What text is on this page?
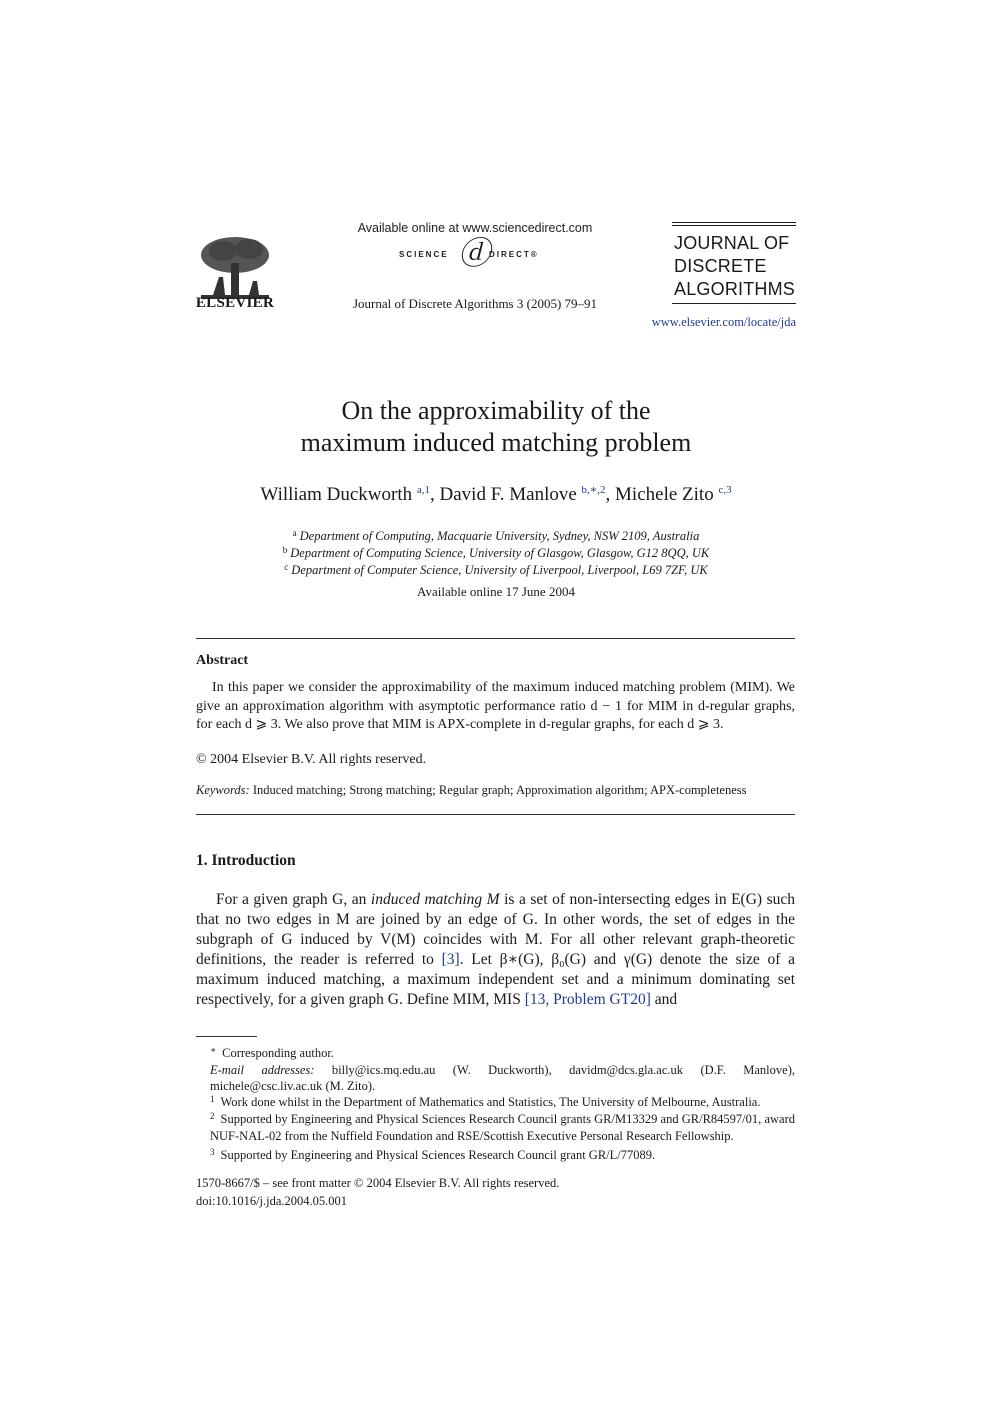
ELSEVIER
Available online at www.sciencedirect.com
SCIENCE ⓓ
DIRECT®
Journal of Discrete Algorithms 3 (2005) 79–91
JOURNAL OF
DISCRETE
ALGORITHMS
www.elsevier.com/locate/jda
On the approximability of the
maximum induced matching problem
William Duckworth $^{a,1}$, David F. Manlove $^{b,∗,2}$, Michele Zito $^{c,3}$
$^a$ Department of Computing, Macquarie University, Sydney, NSW 2109, Australia
$^b$ Department of Computing Science, University of Glasgow, Glasgow, G12 8QQ, UK
$^c$ Department of Computer Science, University of Liverpool, Liverpool, L69 7ZF, UK
Available online 17 June 2004
Abstract

In this paper we consider the approximability of the maximum induced matching problem (MIM). We give an approximation algorithm with asymptotic performance ratio d − 1 for MIM in d-regular graphs, for each d ⩾ 3. We also prove that MIM is APX-complete in d-regular graphs, for each d ⩾ 3.

© 2004 Elsevier B.V. All rights reserved.
Keywords: Induced matching; Strong matching; Regular graph; Approximation algorithm; APX-completeness
1. Introduction

For a given graph G, an induced matching M is a set of non-intersecting edges in E(G) such that no two edges in M are joined by an edge of G. In other words, the set of edges in the subgraph of G induced by V(M) coincides with M. For all other relevant graph-theoretic definitions, the reader is referred to [3]. Let β∗(G), β₀(G) and γ(G) denote the size of a maximum induced matching, a maximum independent set and a minimum dominating set respectively, for a given graph G. Define MIM, MIS [13, Problem GT20] and

∗ Corresponding author.
E-mail addresses: billy@ics.mq.edu.au (W. Duckworth), davidm@dcs.gla.ac.uk (D.F. Manlove), michele@csc.liv.ac.uk (M. Zito).
$^1$ Work done whilst in the Department of Mathematics and Statistics, The University of Melbourne, Australia.
$^2$ Supported by Engineering and Physical Sciences Research Council grants GR/M13329 and GR/R84597/01, award NUF-NAL-02 from the Nuffield Foundation and RSE/Scottish Executive Personal Research Fellowship.
$^3$ Supported by Engineering and Physical Sciences Research Council grant GR/L/77089.
1570-8667/$ – see front matter © 2004 Elsevier B.V. All rights reserved.
doi:10.1016/j.jda.2004.05.001
